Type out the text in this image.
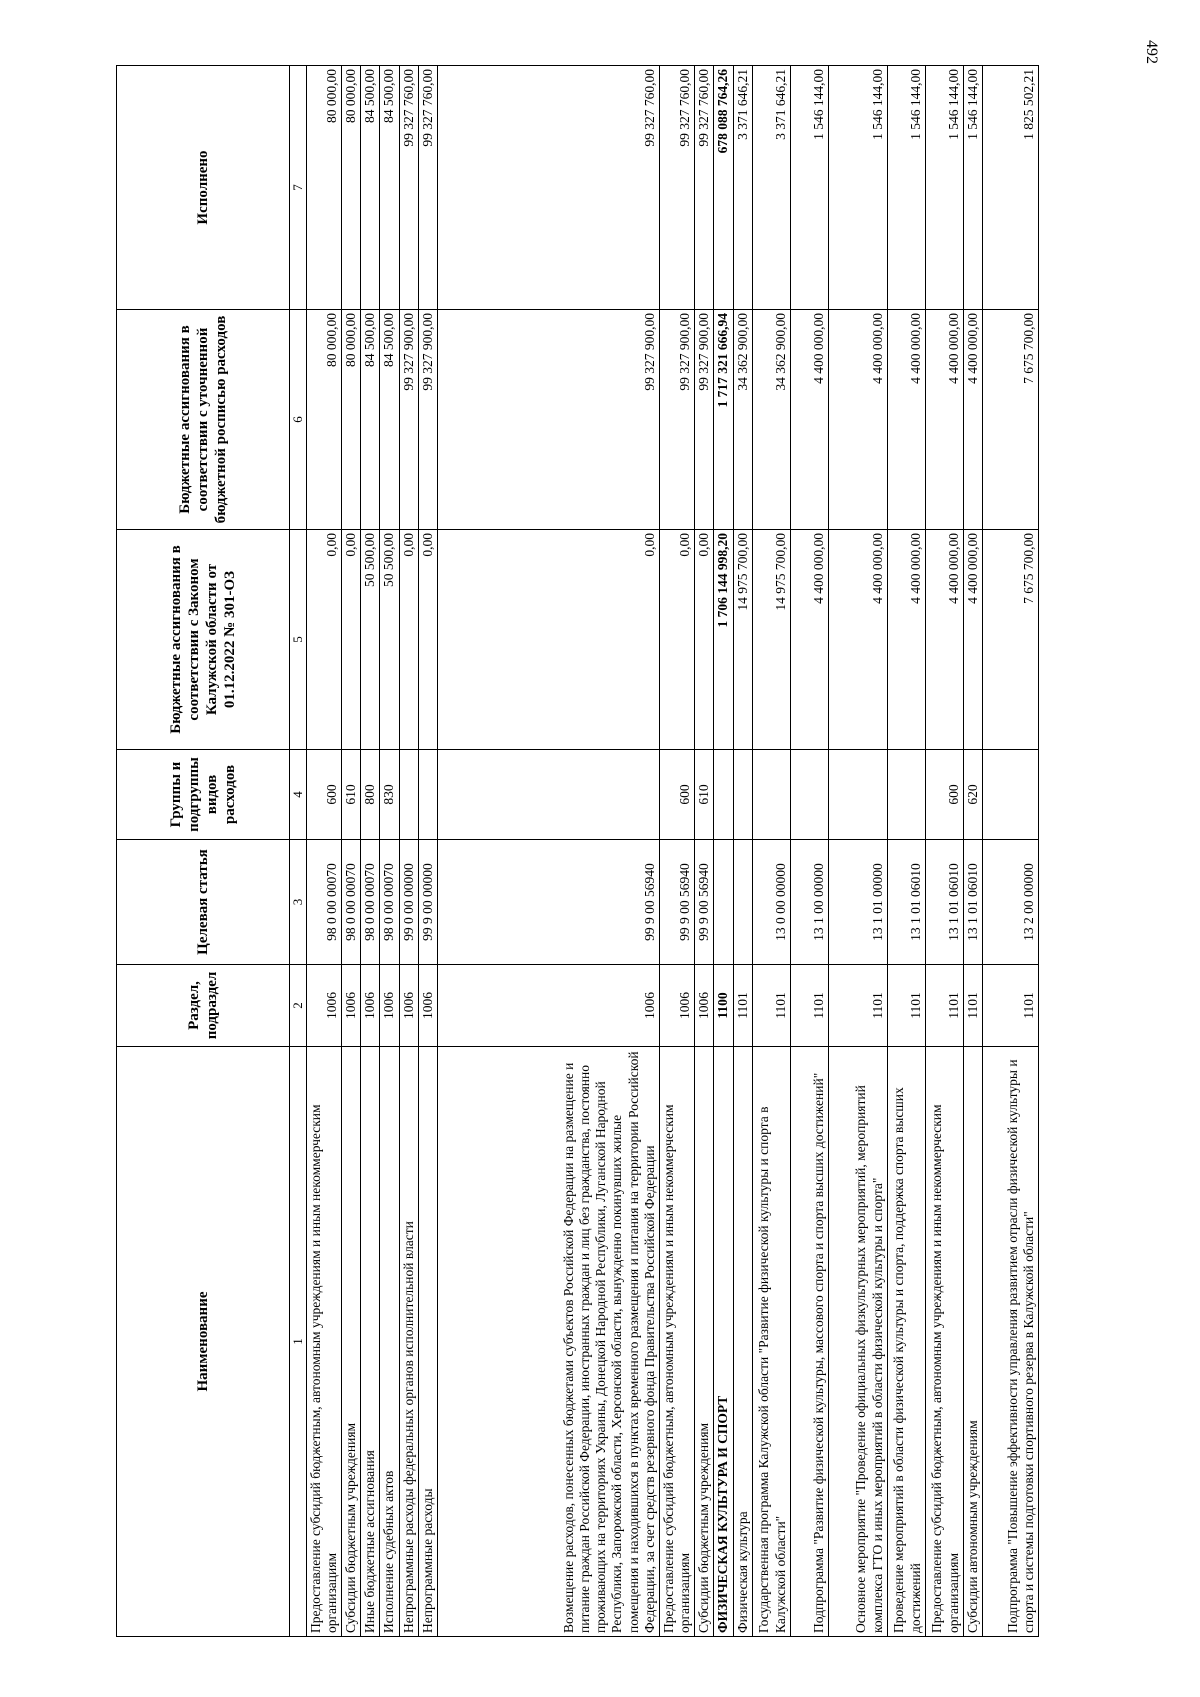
492
Наименование	Раздел, подраздел	Целевая статья	Группы и подгруппы видов расходов	Бюджетные ассигнования в соответствии с Законом Калужской области от 01.12.2022 № 301-ОЗ	Бюджетные ассигнования в соответствии с уточненной бюджетной росписью расходов	Исполнено
1	2	3	4	5	6	7
Предоставление субсидий бюджетным, автономным учреждениям и иным некоммерческим организациям	1006	98 0 00 00070	600	0,00	80 000,00	80 000,00
Субсидии бюджетным учреждениям	1006	98 0 00 00070	610	0,00	80 000,00	80 000,00
Иные бюджетные ассигнования	1006	98 0 00 00070	800	50 500,00	84 500,00	84 500,00
Исполнение судебных актов	1006	98 0 00 00070	830	50 500,00	84 500,00	84 500,00
Непрограммные расходы федеральных органов исполнительной власти	1006	99 0 00 00000		0,00	99 327 900,00	99 327 760,00
Непрограммные расходы	1006	99 9 00 00000		0,00	99 327 900,00	99 327 760,00
Возмещение расходов, понесенных бюджетами субъектов Российской Федерации на размещение и питание граждан Российской Федерации, иностранных граждан и лиц без гражданства, постоянно проживающих на территориях Украины, Донецкой Народной Республики, Луганской Народной Республики, Запорожской области, Херсонской области, вынужденно покинувших жилые помещения и находившихся в пунктах временного размещения и питания на территории Российской Федерации, за счет средств резервного фонда Правительства Российской Федерации	1006	99 9 00 56940		0,00	99 327 900,00	99 327 760,00
Предоставление субсидий бюджетным, автономным учреждениям и иным некоммерческим организациям	1006	99 9 00 56940	600	0,00	99 327 900,00	99 327 760,00
Субсидии бюджетным учреждениям	1006	99 9 00 56940	610	0,00	99 327 900,00	99 327 760,00
ФИЗИЧЕСКАЯ КУЛЬТУРА И СПОРТ	1100			1 706 144 998,20	1 717 321 666,94	678 088 764,26
Физическая культура	1101			14 975 700,00	34 362 900,00	3 371 646,21
Государственная программа Калужской области "Развитие физической культуры и спорта в Калужской области"	1101	13 0 00 00000		14 975 700,00	34 362 900,00	3 371 646,21
Подпрограмма "Развитие физической культуры, массового спорта и спорта высших достижений"	1101	13 1 00 00000		4 400 000,00	4 400 000,00	1 546 144,00
Основное мероприятие "Проведение официальных физкультурных мероприятий, мероприятий комплекса ГТО и иных мероприятий в области физической культуры и спорта"	1101	13 1 01 00000		4 400 000,00	4 400 000,00	1 546 144,00
Проведение мероприятий в области физической культуры и спорта, поддержка спорта высших достижений	1101	13 1 01 06010		4 400 000,00	4 400 000,00	1 546 144,00
Предоставление субсидий бюджетным, автономным учреждениям и иным некоммерческим организациям	1101	13 1 01 06010	600	4 400 000,00	4 400 000,00	1 546 144,00
Субсидии автономным учреждениям	1101	13 1 01 06010	620	4 400 000,00	4 400 000,00	1 546 144,00
Подпрограмма "Повышение эффективности управления развитием отрасли физической культуры и спорта и системы подготовки спортивного резерва в Калужской области"	1101	13 2 00 00000		7 675 700,00	7 675 700,00	1 825 502,21
